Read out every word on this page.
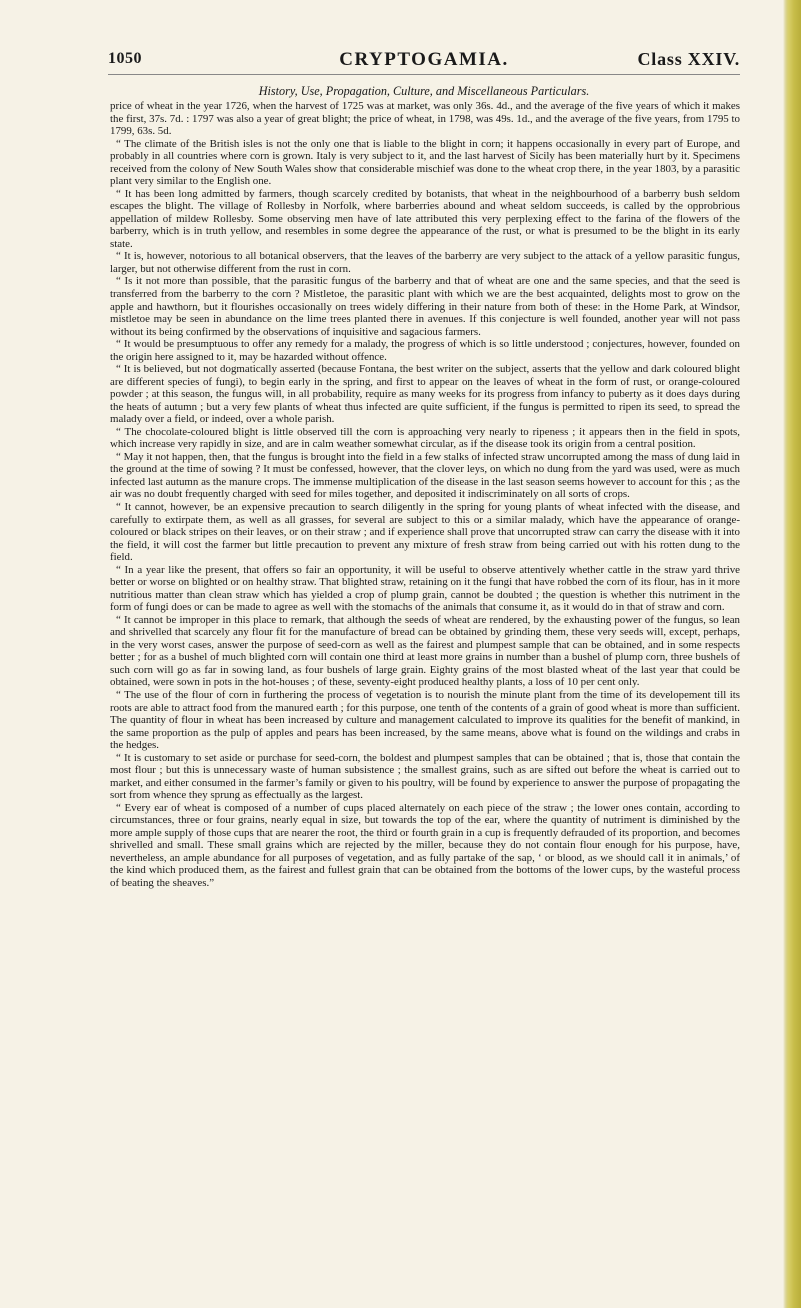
1050	CRYPTOGAMIA.	Class XXIV.
History, Use, Propagation, Culture, and Miscellaneous Particulars.

price of wheat in the year 1726, when the harvest of 1725 was at market, was only 36s. 4d., and the average of the five years of which it makes the first, 37s. 7d. : 1797 was also a year of great blight; the price of wheat, in 1798, was 49s. 1d., and the average of the five years, from 1795 to 1799, 63s. 5d.

“ The climate of the British isles is not the only one that is liable to the blight in corn; it happens occasionally in every part of Europe, and probably in all countries where corn is grown. Italy is very subject to it, and the last harvest of Sicily has been materially hurt by it. Specimens received from the colony of New South Wales show that considerable mischief was done to the wheat crop there, in the year 1803, by a parasitic plant very similar to the English one.

“ It has been long admitted by farmers, though scarcely credited by botanists, that wheat in the neighbourhood of a barberry bush seldom escapes the blight. The village of Rollesby in Norfolk, where barberries abound and wheat seldom succeeds, is called by the opprobrious appellation of mildew Rollesby. Some observing men have of late attributed this very perplexing effect to the farina of the flowers of the barberry, which is in truth yellow, and resembles in some degree the appearance of the rust, or what is presumed to be the blight in its early state.

“ It is, however, notorious to all botanical observers, that the leaves of the barberry are very subject to the attack of a yellow parasitic fungus, larger, but not otherwise different from the rust in corn.

“ Is it not more than possible, that the parasitic fungus of the barberry and that of wheat are one and the same species, and that the seed is transferred from the barberry to the corn ? Mistletoe, the parasitic plant with which we are the best acquainted, delights most to grow on the apple and hawthorn, but it flourishes occasionally on trees widely differing in their nature from both of these: in the Home Park, at Windsor, mistletoe may be seen in abundance on the lime trees planted there in avenues. If this conjecture is well founded, another year will not pass without its being confirmed by the observations of inquisitive and sagacious farmers.

“ It would be presumptuous to offer any remedy for a malady, the progress of which is so little understood ; conjectures, however, founded on the origin here assigned to it, may be hazarded without offence.

“ It is believed, but not dogmatically asserted (because Fontana, the best writer on the subject, asserts that the yellow and dark coloured blight are different species of fungi), to begin early in the spring, and first to appear on the leaves of wheat in the form of rust, or orange-coloured powder ; at this season, the fungus will, in all probability, require as many weeks for its progress from infancy to puberty as it does days during the heats of autumn ; but a very few plants of wheat thus infected are quite sufficient, if the fungus is permitted to ripen its seed, to spread the malady over a field, or indeed, over a whole parish.

“ The chocolate-coloured blight is little observed till the corn is approaching very nearly to ripeness ; it appears then in the field in spots, which increase very rapidly in size, and are in calm weather somewhat circular, as if the disease took its origin from a central position.

“ May it not happen, then, that the fungus is brought into the field in a few stalks of infected straw uncorrupted among the mass of dung laid in the ground at the time of sowing ? It must be confessed, however, that the clover leys, on which no dung from the yard was used, were as much infected last autumn as the manure crops. The immense multiplication of the disease in the last season seems however to account for this ; as the air was no doubt frequently charged with seed for miles together, and deposited it indiscriminately on all sorts of crops.

“ It cannot, however, be an expensive precaution to search diligently in the spring for young plants of wheat infected with the disease, and carefully to extirpate them, as well as all grasses, for several are subject to this or a similar malady, which have the appearance of orange-coloured or black stripes on their leaves, or on their straw ; and if experience shall prove that uncorrupted straw can carry the disease with it into the field, it will cost the farmer but little precaution to prevent any mixture of fresh straw from being carried out with his rotten dung to the field.

“ In a year like the present, that offers so fair an opportunity, it will be useful to observe attentively whether cattle in the straw yard thrive better or worse on blighted or on healthy straw. That blighted straw, retaining on it the fungi that have robbed the corn of its flour, has in it more nutritious matter than clean straw which has yielded a crop of plump grain, cannot be doubted ; the question is whether this nutriment in the form of fungi does or can be made to agree as well with the stomachs of the animals that consume it, as it would do in that of straw and corn.

“ It cannot be improper in this place to remark, that although the seeds of wheat are rendered, by the exhausting power of the fungus, so lean and shrivelled that scarcely any flour fit for the manufacture of bread can be obtained by grinding them, these very seeds will, except, perhaps, in the very worst cases, answer the purpose of seed-corn as well as the fairest and plumpest sample that can be obtained, and in some respects better ; for as a bushel of much blighted corn will contain one third at least more grains in number than a bushel of plump corn, three bushels of such corn will go as far in sowing land, as four bushels of large grain. Eighty grains of the most blasted wheat of the last year that could be obtained, were sown in pots in the hot-houses ; of these, seventy-eight produced healthy plants, a loss of 10 per cent only.

“ The use of the flour of corn in furthering the process of vegetation is to nourish the minute plant from the time of its developement till its roots are able to attract food from the manured earth ; for this purpose, one tenth of the contents of a grain of good wheat is more than sufficient. The quantity of flour in wheat has been increased by culture and management calculated to improve its qualities for the benefit of mankind, in the same proportion as the pulp of apples and pears has been increased, by the same means, above what is found on the wildings and crabs in the hedges.

“ It is customary to set aside or purchase for seed-corn, the boldest and plumpest samples that can be obtained ; that is, those that contain the most flour ; but this is unnecessary waste of human subsistence ; the smallest grains, such as are sifted out before the wheat is carried out to market, and either consumed in the farmer’s family or given to his poultry, will be found by experience to answer the purpose of propagating the sort from whence they sprung as effectually as the largest.

“ Every ear of wheat is composed of a number of cups placed alternately on each piece of the straw ; the lower ones contain, according to circumstances, three or four grains, nearly equal in size, but towards the top of the ear, where the quantity of nutriment is diminished by the more ample supply of those cups that are nearer the root, the third or fourth grain in a cup is frequently defrauded of its proportion, and becomes shrivelled and small. These small grains which are rejected by the miller, because they do not contain flour enough for his purpose, have, nevertheless, an ample abundance for all purposes of vegetation, and as fully partake of the sap, ‘ or blood, as we should call it in animals,’ of the kind which produced them, as the fairest and fullest grain that can be obtained from the bottoms of the lower cups, by the wasteful process of beating the sheaves.”
